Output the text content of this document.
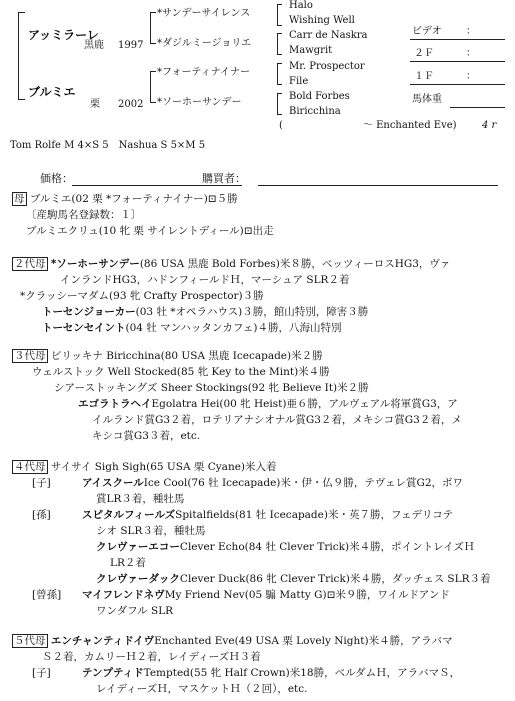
アッミラーレ
黒鹿 1997
ブルミエ
栗 2002
*サンデーサイレンス
*ダジルミージョリエ
*フォーティナイナー
*ソーホーサンデー
Halo
Wishing Well
Carr de Naskra
Mawgrit
Mr. Prospector
File
Bold Forbes
Biricchina
(　　　　　　　　～ Enchanted Eve)	4 r
ビデオ ：
２Ｆ	：
１Ｆ	：
馬体重
Tom Rolfe M 4×S 5　Nashua S 5×M 5
価格：	購買者：
母 ブルミエ(02 栗 *フォーティナイナー)⊡５勝
〔産駒馬名登録数：１〕
ブルミエクリュ(10 牝 栗 サイレントディール)⊡出走
２代母 *ソーホーサンデー(86 USA 黒鹿 Bold Forbes)米８勝，ベッツィーロスHG3，ヴァ
インランドHG3，ハドンフィールドＨ，マーシュア SLR２着
*クラッシーマダム(93 牝 Crafty Prospector)３勝
トーセンジョーカー(03 牡 *オペラハウス)３勝，館山特別，障害３勝
トーセンセイント(04 牡 マンハッタンカフェ)４勝，八海山特別
３代母 ビリッキナ Biricchina(80 USA 黒鹿 Icecapade)米２勝
ウェルストック Well Stocked(85 牝 Key to the Mint)米４勝
シアーストッキングズ Sheer Stockings(92 牝 Believe It)米２勝
エゴラトラヘイEgolatra Hei(00 牝 Heist)亜６勝，アルヴェアル将軍賞G3，ア
イルランド賞G3２着，ロテリアナシオナル賞G3２着，メキシコ賞G3２着，メ
キシコ賞G3３着，etc.
４代母 サイサイ Sigh Sigh(65 USA 栗 Cyane)米入着
[子]	アイスクールIce Cool(76 牡 Icecapade)米・伊・仏９勝，テヴェレ賞G2，ボワ
賞LR３着，種牡馬
[孫]	スピタルフィールズSpitalfields(81 牡 Icecapade)米・英７勝，フェデリコテ
シオ SLR３着，種牡馬
クレヴァーエコーClever Echo(84 牡 Clever Trick)米４勝，ポイントレイズＨ
LR２着
クレヴァーダックClever Duck(86 牝 Clever Trick)米４勝，ダッチェス SLR３着
[曾孫] マイフレンドネヴMy Friend Nev(05 騸 Matty G)⊡米９勝，ワイルドアンド
ワンダフル SLR
５代母 エンチャンティドイヴEnchanted Eve(49 USA 栗 Lovely Night)米４勝，アラバマ
Ｓ２着，カムリーＨ２着，レイディーズＨ３着
[子]	テンプティドTempted(55 牝 Half Crown)米18勝，ベルダムＨ，アラバマＳ，
レイディーズＨ，マスケットＨ（２回），etc.
